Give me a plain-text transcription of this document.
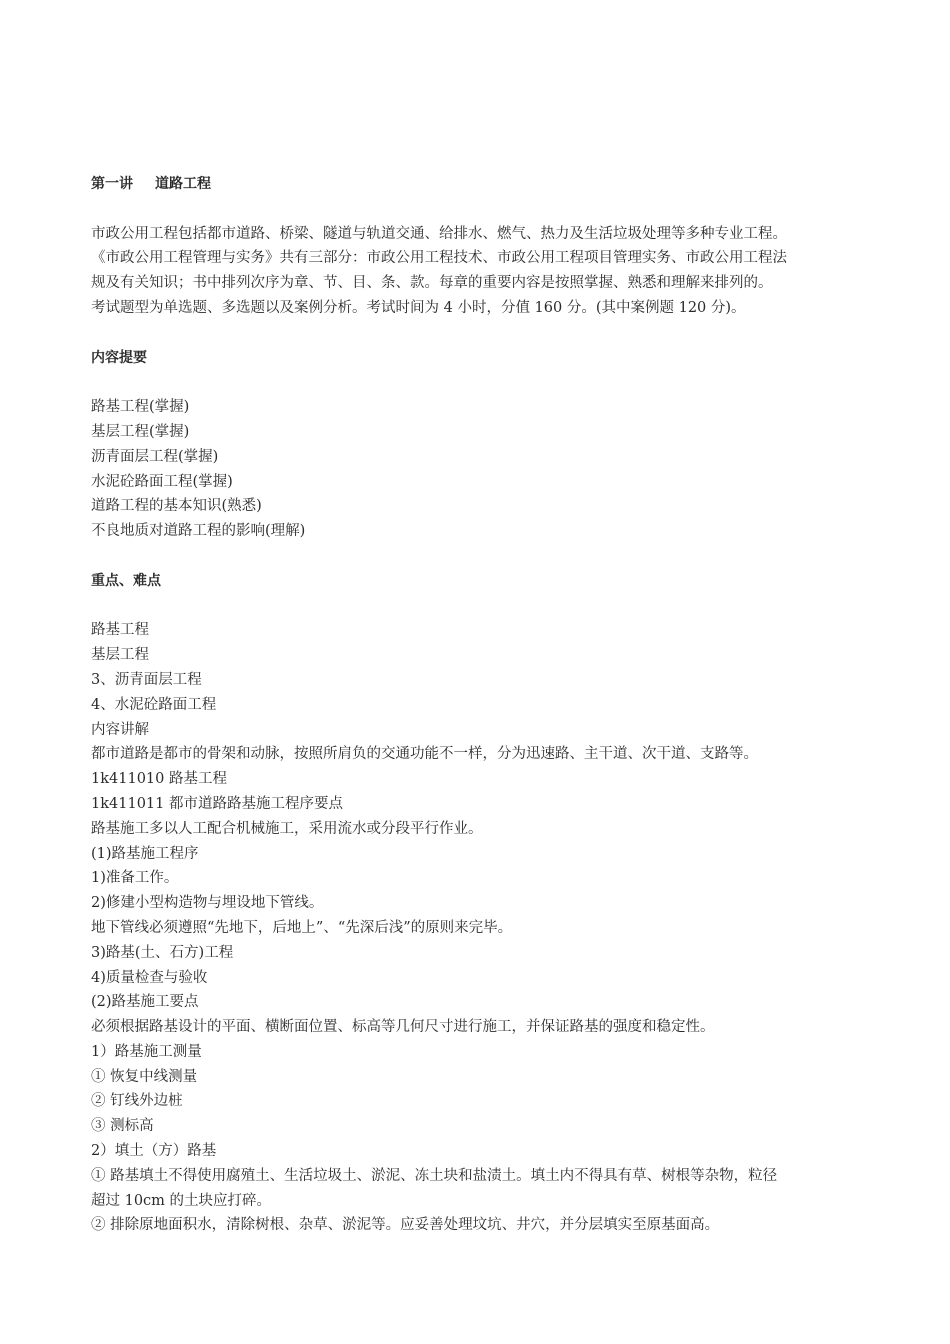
第一讲 道路工程
市政公用工程包括都市道路、桥梁、隧道与轨道交通、给排水、燃气、热力及生活垃圾处理等多种专业工程。
《市政公用工程管理与实务》共有三部分：市政公用工程技术、市政公用工程项目管理实务、市政公用工程法
规及有关知识；书中排列次序为章、节、目、条、款。每章的重要内容是按照掌握、熟悉和理解来排列的。
考试题型为单选题、多选题以及案例分析。考试时间为 4 小时，分值 160 分。(其中案例题 120 分)。
内容提要
路基工程(掌握)
基层工程(掌握)
沥青面层工程(掌握)
水泥砼路面工程(掌握)
道路工程的基本知识(熟悉)
不良地质对道路工程的影响(理解)
重点、难点
路基工程
基层工程
3、沥青面层工程
4、水泥砼路面工程
内容讲解
都市道路是都市的骨架和动脉，按照所肩负的交通功能不一样，分为迅速路、主干道、次干道、支路等。
1k411010 路基工程
1k411011 都市道路路基施工程序要点
路基施工多以人工配合机械施工，采用流水或分段平行作业。
(1)路基施工程序
1)准备工作。
2)修建小型构造物与埋设地下管线。
地下管线必须遵照“先地下，后地上”、“先深后浅”的原则来完毕。
3)路基(土、石方)工程
4)质量检查与验收
(2)路基施工要点
必须根据路基设计的平面、横断面位置、标高等几何尺寸进行施工，并保证路基的强度和稳定性。
1）路基施工测量
① 恢复中线测量
② 钉线外边桩
③ 测标高
2）填土（方）路基
① 路基填土不得使用腐殖土、生活垃圾土、淤泥、冻土块和盐渍土。填土内不得具有草、树根等杂物，粒径
超过 10cm 的土块应打碎。
② 排除原地面积水，清除树根、杂草、淤泥等。应妥善处理坟坑、井穴，并分层填实至原基面高。
